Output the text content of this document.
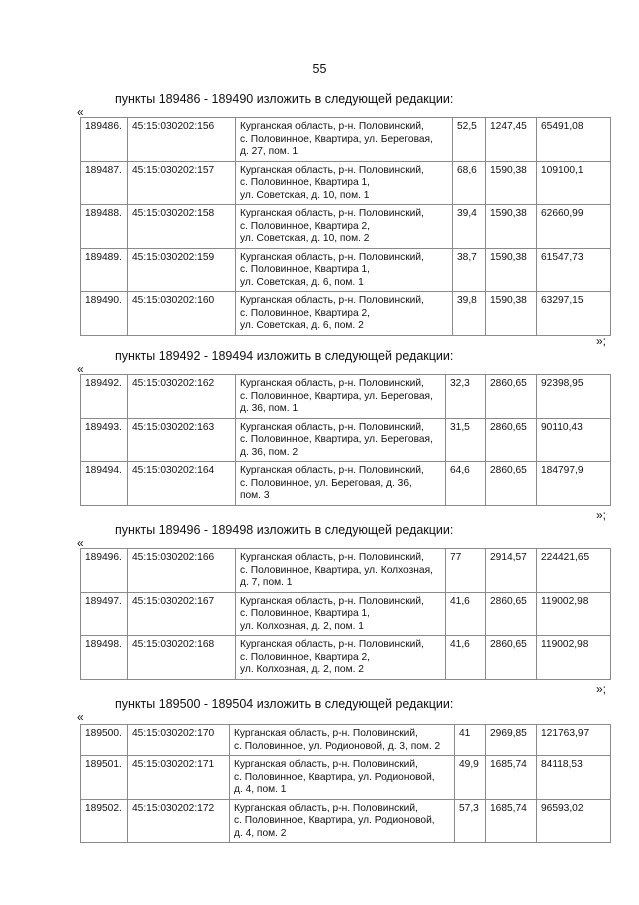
55
пункты 189486 - 189490 изложить в следующей редакции:
«
189486.	45:15:030202:156	Курганская область, р-н. Половинский,
с. Половинное, Квартира, ул. Береговая,
д. 27, пом. 1	52,5	1247,45	65491,08
189487.	45:15:030202:157	Курганская область, р-н. Половинский,
с. Половинное, Квартира 1,
ул. Советская, д. 10, пом. 1	68,6	1590,38	109100,1
189488.	45:15:030202:158	Курганская область, р-н. Половинский,
с. Половинное, Квартира 2,
ул. Советская, д. 10, пом. 2	39,4	1590,38	62660,99
189489.	45:15:030202:159	Курганская область, р-н. Половинский,
с. Половинное, Квартира 1,
ул. Советская, д. 6, пом. 1	38,7	1590,38	61547,73
189490.	45:15:030202:160	Курганская область, р-н. Половинский,
с. Половинное, Квартира 2,
ул. Советская, д. 6, пом. 2	39,8	1590,38	63297,15
»;
пункты 189492 - 189494 изложить в следующей редакции:
«
189492.	45:15:030202:162	Курганская область, р-н. Половинский,
с. Половинное, Квартира, ул. Береговая,
д. 36, пом. 1	32,3	2860,65	92398,95
189493.	45:15:030202:163	Курганская область, р-н. Половинский,
с. Половинное, Квартира, ул. Береговая,
д. 36, пом. 2	31,5	2860,65	90110,43
189494.	45:15:030202:164	Курганская область, р-н. Половинский,
с. Половинное, ул. Береговая, д. 36,
пом. 3	64,6	2860,65	184797,9
»;
пункты 189496 - 189498 изложить в следующей редакции:
«
189496.	45:15:030202:166	Курганская область, р-н. Половинский,
с. Половинное, Квартира, ул. Колхозная,
д. 7, пом. 1	77	2914,57	224421,65
189497.	45:15:030202:167	Курганская область, р-н. Половинский,
с. Половинное, Квартира 1,
ул. Колхозная, д. 2, пом. 1	41,6	2860,65	119002,98
189498.	45:15:030202:168	Курганская область, р-н. Половинский,
с. Половинное, Квартира 2,
ул. Колхозная, д. 2, пом. 2	41,6	2860,65	119002,98
»;
пункты 189500 - 189504 изложить в следующей редакции:
«
189500.	45:15:030202:170	Курганская область, р-н. Половинский,
с. Половинное, ул. Родионовой, д. 3, пом. 2	41	2969,85	121763,97
189501.	45:15:030202:171	Курганская область, р-н. Половинский,
с. Половинное, Квартира, ул. Родионовой,
д. 4, пом. 1	49,9	1685,74	84118,53
189502.	45:15:030202:172	Курганская область, р-н. Половинский,
с. Половинное, Квартира, ул. Родионовой,
д. 4, пом. 2	57,3	1685,74	96593,02
